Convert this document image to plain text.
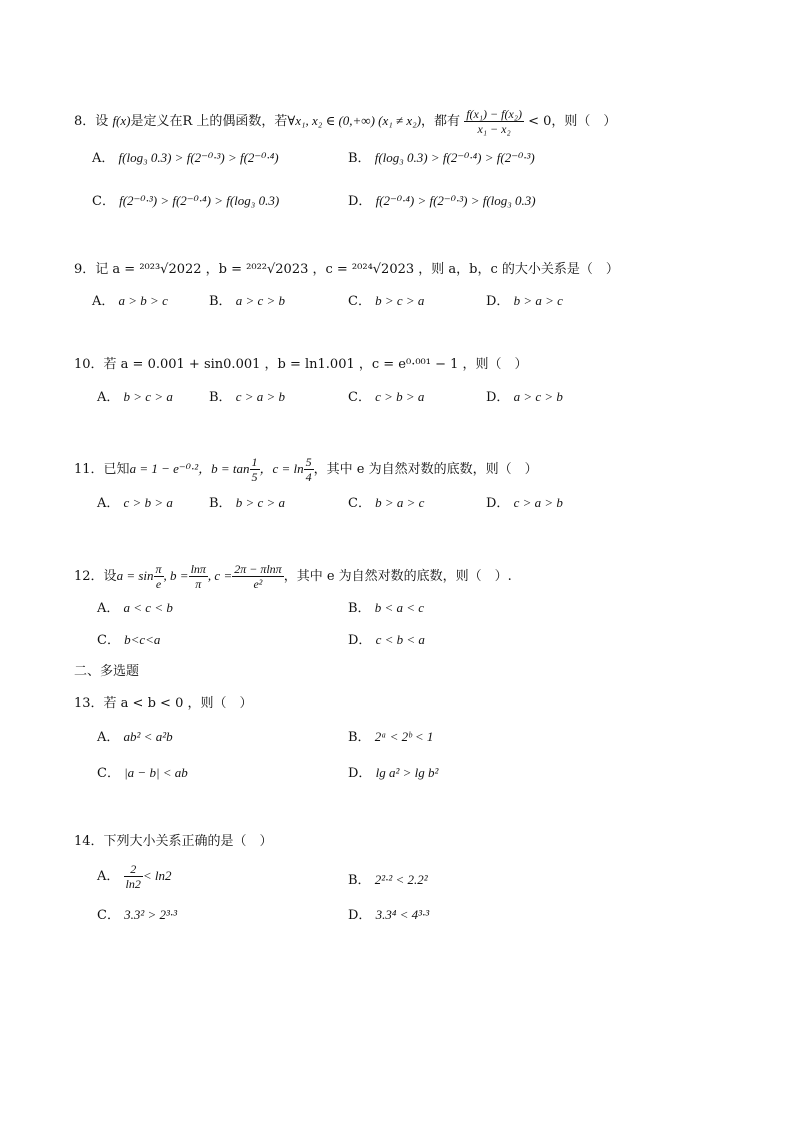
8．设 f(x)是定义在R 上的偶函数，若∀x₁, x₂ ∈ (0,+∞) (x₁ ≠ x₂)，都有 $\frac{\text{f(x₁) − f(x₂)}}{\text{x₁ − x₂}} < 0$，则（　）
A． f(log₃ 0.3) > f(2⁻⁰·³) > f(2⁻⁰·⁴)	B． f(log₃ 0.3) > f(2⁻⁰·⁴) > f(2⁻⁰·³)
C． f(2⁻⁰·³) > f(2⁻⁰·⁴) > f(log₃ 0.3)	D． f(2⁻⁰·⁴) > f(2⁻⁰·³) > f(log₃ 0.3)
9．记 a = ²⁰²³√2022 ，b = ²⁰²²√2023 ，c = ²⁰²⁴√2023 ，则 a，b，c 的大小关系是（　）
A． a > b > c	B． a > c > b	C． b > c > a	D． b > a > c
10．若 a = 0.001 + sin0.001 ，b = ln1.001 ，c = e⁰·⁰⁰¹ − 1 ，则（　）
A． b > c > a	B． c > a > b	C． c > b > a	D． a > c > b
11．已知a = 1 − e⁻⁰·²，$b = \tan \frac{1}{5}$ ，$c = \ln \frac{5}{4}$ ，其中 e 为自然对数的底数，则（　）
A． c > b > a	B． b > c > a	C． b > a > c	D． c > a > b
12．设$a = \sin \frac{\pi}{e}$ , $b = \frac{\ln\pi}{\pi}$ , $c = \frac{2\pi - \pi\ln\pi}{\text{e²}}$ ，其中 e 为自然对数的底数，则（　）.
A． a < c < b	B． b < a < c
C． b<c<a	D． c < b < a
二、多选题
13．若 a < b < 0 ，则（　）
A． ab² < a²b	B． 2ᵃ < 2ᵇ < 1
C． |a − b| < ab	D． lg a² > lg b²
14．下列大小关系正确的是（　）
A． $\frac{2}{\ln 2} < \ln 2$	B． 2²·² < 2.2²
C． 3.3² > 2³·³	D． 3.3⁴ < 4³·³
